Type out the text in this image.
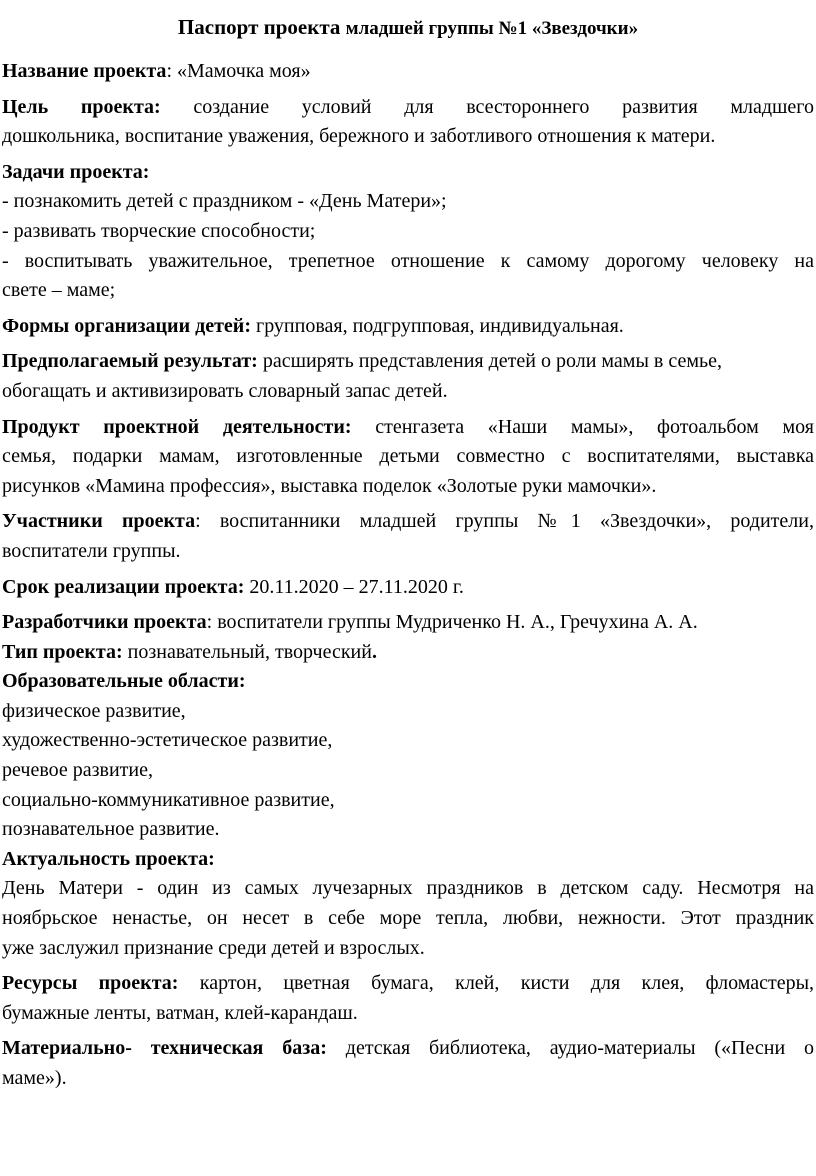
Паспорт проекта младшей группы №1 «Звездочки»

Название проекта: «Мамочка моя»

Цель проекта: создание условий для всестороннего развития младшего

дошкольника, воспитание уважения, бережного и заботливого отношения к матери.

Задачи проекта:

- познакомить детей с праздником - «День Матери»;

- развивать творческие способности;

- воспитывать уважительное, трепетное отношение к самому дорогому человеку на

свете – маме;

Формы организации детей: групповая, подгрупповая, индивидуальная.

Предполагаемый результат: расширять представления детей о роли мамы в семье,

обогащать и активизировать словарный запас детей.

Продукт проектной деятельности: стенгазета «Наши мамы», фотоальбом моя

семья, подарки мамам, изготовленные детьми совместно с воспитателями, выставка

рисунков «Мамина профессия», выставка поделок «Золотые руки мамочки».

Участники проекта: воспитанники младшей группы №1 «Звездочки», родители,

воспитатели группы.

Срок реализации проекта: 20.11.2020 – 27.11.2020 г.

Разработчики проекта: воспитатели группы Мудриченко Н. А., Гречухина А. А.

Тип проекта: познавательный, творческий.

Образовательные области:

физическое развитие,

художественно-эстетическое развитие,

речевое развитие,

социально-коммуникативное развитие,

познавательное развитие.

Актуальность проекта:

День Матери - один из самых лучезарных праздников в детском саду. Несмотря на

ноябрьское ненастье, он несет в себе море тепла, любви, нежности. Этот праздник

уже заслужил признание среди детей и взрослых.

Ресурсы проекта: картон, цветная бумага, клей, кисти для клея, фломастеры,

бумажные ленты, ватман, клей-карандаш.

Материально- техническая база: детская библиотека, аудио-материалы («Песни о

маме»).
